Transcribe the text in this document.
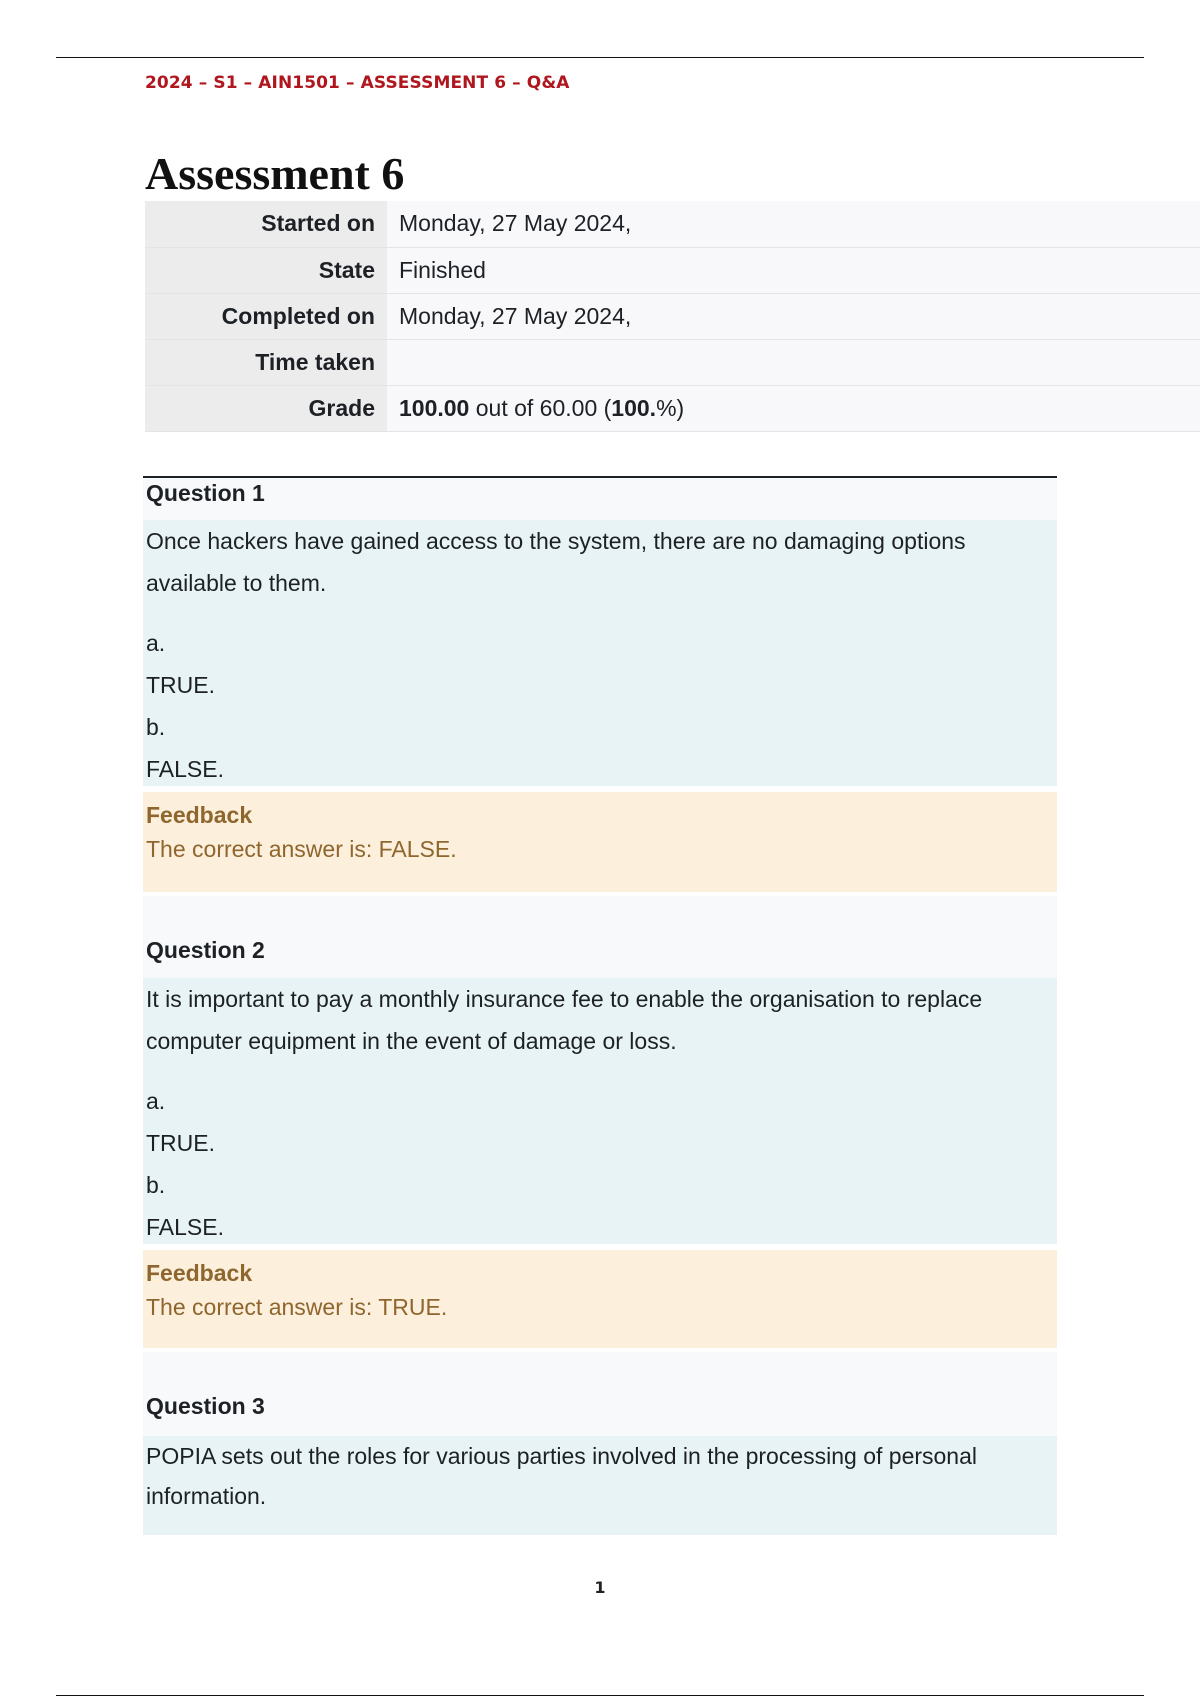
2024 – S1 – AIN1501 – ASSESSMENT 6 – Q&A
Assessment 6
Started on	Monday, 27 May 2024,
State	Finished
Completed on	Monday, 27 May 2024,
Time taken	
Grade	100.00 out of 60.00 (100.%)
Question 1

Once hackers have gained access to the system, there are no damaging options available to them.

a.
TRUE.
b.
FALSE.
Feedback
The correct answer is: FALSE.
Question 2

It is important to pay a monthly insurance fee to enable the organisation to replace computer equipment in the event of damage or loss.

a.
TRUE.
b.
FALSE.
Feedback
The correct answer is: TRUE.
Question 3

POPIA sets out the roles for various parties involved in the processing of personal information.

1
